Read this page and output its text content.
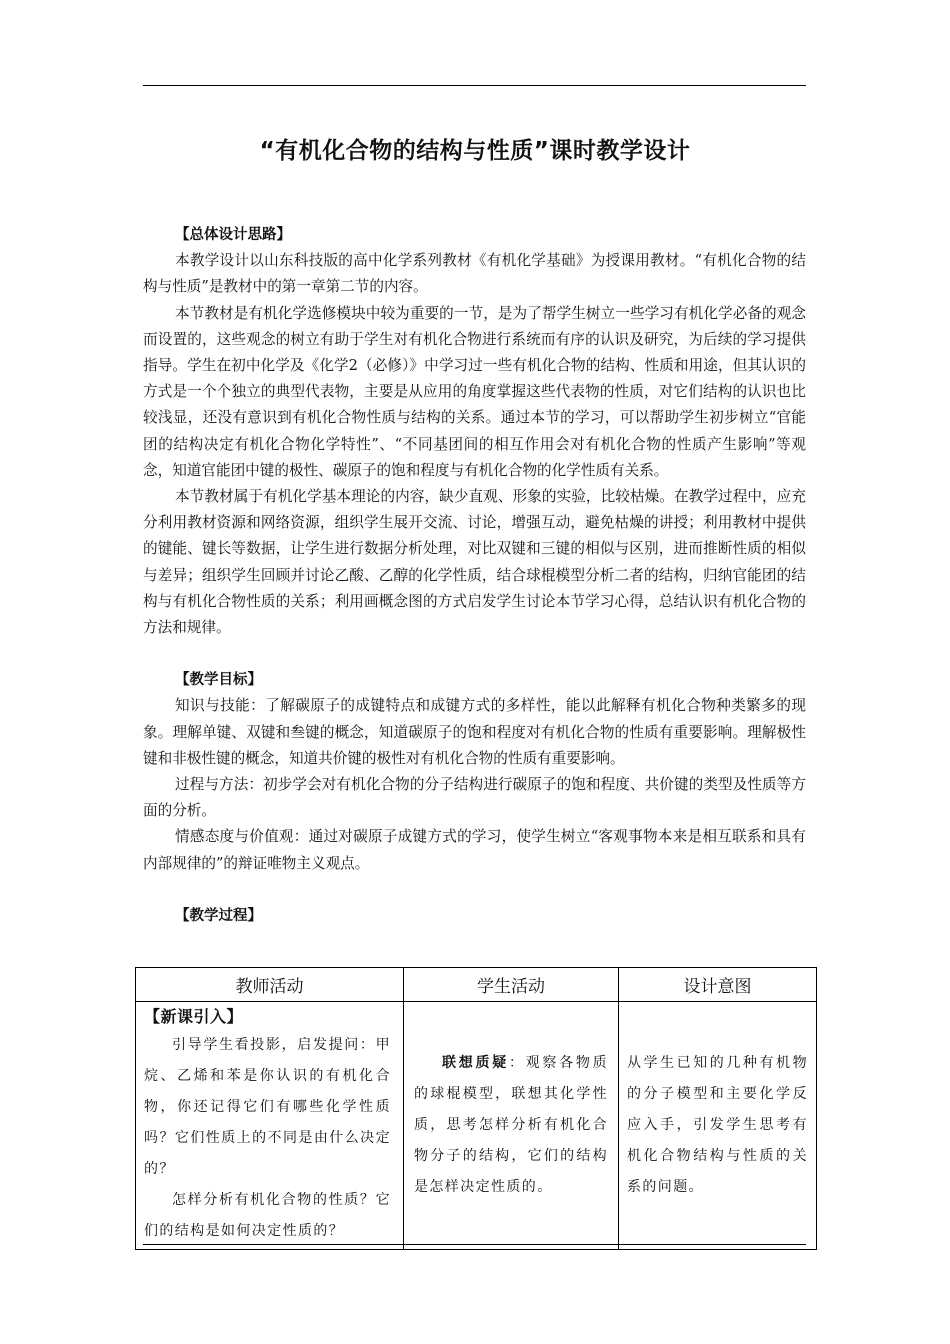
“有机化合物的结构与性质”课时教学设计
【总体设计思路】

本教学设计以山东科技版的高中化学系列教材《有机化学基础》为授课用教材。“有机化合物的结构与性质”是教材中的第一章第二节的内容。

本节教材是有机化学选修模块中较为重要的一节，是为了帮学生树立一些学习有机化学必备的观念而设置的，这些观念的树立有助于学生对有机化合物进行系统而有序的认识及研究，为后续的学习提供指导。学生在初中化学及《化学2（必修）》中学习过一些有机化合物的结构、性质和用途，但其认识的方式是一个个独立的典型代表物，主要是从应用的角度掌握这些代表物的性质，对它们结构的认识也比较浅显，还没有意识到有机化合物性质与结构的关系。通过本节的学习，可以帮助学生初步树立“官能团的结构决定有机化合物化学特性”、“不同基团间的相互作用会对有机化合物的性质产生影响”等观念，知道官能团中键的极性、碳原子的饱和程度与有机化合物的化学性质有关系。

本节教材属于有机化学基本理论的内容，缺少直观、形象的实验，比较枯燥。在教学过程中，应充分利用教材资源和网络资源，组织学生展开交流、讨论，增强互动，避免枯燥的讲授；利用教材中提供的键能、键长等数据，让学生进行数据分析处理，对比双键和三键的相似与区别，进而推断性质的相似与差异；组织学生回顾并讨论乙酸、乙醇的化学性质，结合球棍模型分析二者的结构，归纳官能团的结构与有机化合物性质的关系；利用画概念图的方式启发学生讨论本节学习心得，总结认识有机化合物的方法和规律。

【教学目标】

知识与技能：了解碳原子的成键特点和成键方式的多样性，能以此解释有机化合物种类繁多的现象。理解单键、双键和叁键的概念，知道碳原子的饱和程度对有机化合物的性质有重要影响。理解极性键和非极性键的概念，知道共价键的极性对有机化合物的性质有重要影响。

过程与方法：初步学会对有机化合物的分子结构进行碳原子的饱和程度、共价键的类型及性质等方面的分析。

情感态度与价值观：通过对碳原子成键方式的学习，使学生树立“客观事物本来是相互联系和具有内部规律的”的辩证唯物主义观点。

【教学过程】
教师活动	学生活动	设计意图

【新课引入】
引导学生看投影，启发提问：甲烷、乙烯和苯是你认识的有机化合物，你还记得它们有哪些化学性质吗？它们性质上的不同是由什么决定的？
怎样分析有机化合物的性质？它们的结构是如何决定性质的？	联想质疑：观察各物质的球棍模型，联想其化学性质，思考怎样分析有机化合物分子的结构，它们的结构是怎样决定性质的。	从学生已知的几种有机物的分子模型和主要化学反应入手，引发学生思考有机化合物结构与性质的关系的问题。
